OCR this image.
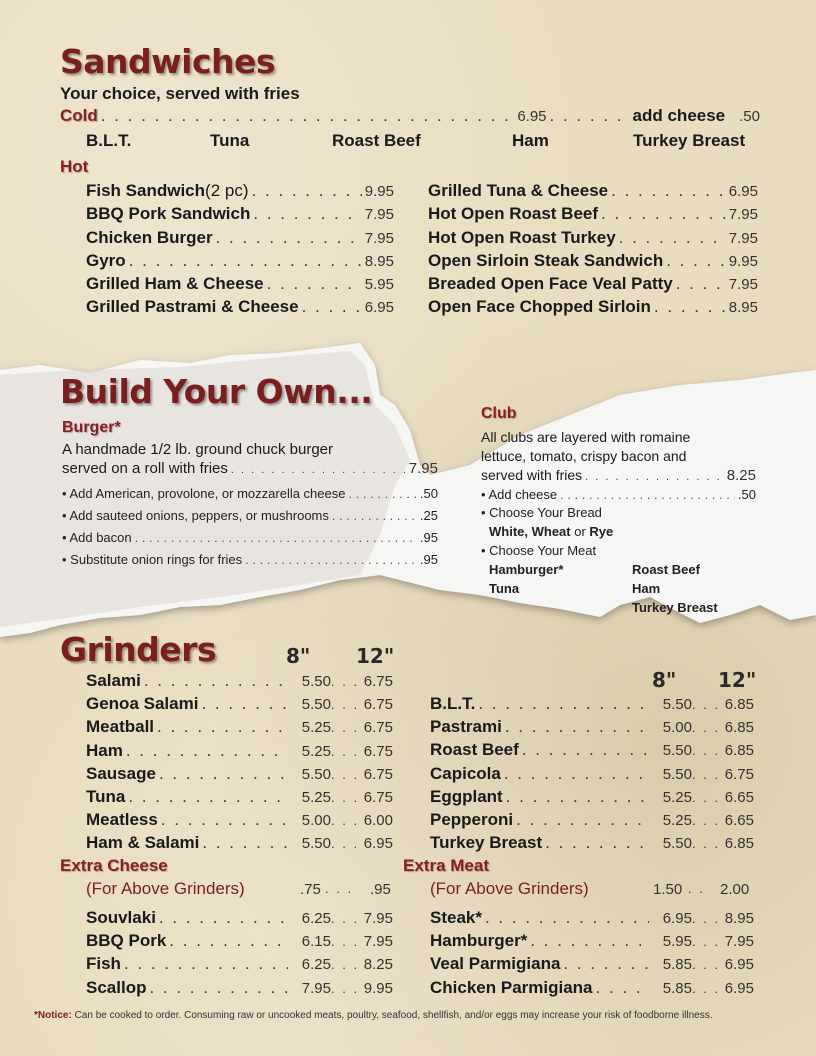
Sandwiches
Your choice, served with fries
Cold . . .	6.95 . . .	add cheese .50
B.L.T.	Tuna	Roast Beef	Ham	Turkey Breast
Hot
Fish Sandwich (2 pc) . . .	9.95
BBQ Pork Sandwich . . .	7.95
Chicken Burger . . .	7.95
Gyro . . .	8.95
Grilled Ham & Cheese . . .	5.95
Grilled Pastrami & Cheese . . .	6.95
Grilled Tuna & Cheese . . .	6.95
Hot Open Roast Beef . . .	7.95
Hot Open Roast Turkey . . .	7.95
Open Sirloin Steak Sandwich . . .	9.95
Breaded Open Face Veal Patty . . .	7.95
Open Face Chopped Sirloin . . .	8.95
Build Your Own...
Burger*
A handmade 1/2 lb. ground chuck burger
served on a roll with fries . . .	7.95
• Add American, provolone, or mozzarella cheese . . .	.50
• Add sauteed onions, peppers, or mushrooms . . .	.25
• Add bacon . . .	.95
• Substitute onion rings for fries . . .	.95
Club
All clubs are layered with romaine
lettuce, tomato, crispy bacon and
served with fries . . .	8.25
• Add cheese . . .	.50
• Choose Your Bread
White, Wheat or Rye
• Choose Your Meat
Hamburger*
Tuna
Roast Beef
Ham
Turkey Breast
Grinders	8" 12"
8" 12"
Salami . . .	5.50 . . . 6.75
Genoa Salami . . .	5.50 . . . 6.75
Meatball . . .	5.25 . . . 6.75
Ham . . .	5.25 . . . 6.75
Sausage . . .	5.50 . . . 6.75
Tuna . . .	5.25 . . . 6.75
Meatless . . .	5.00 . . . 6.00
Ham & Salami . . .	5.50 . . . 6.95
B.L.T. . . .	5.50 . . . 6.85
Pastrami . . .	5.00 . . . 6.85
Roast Beef . . .	5.50 . . . 6.85
Capicola . . .	5.50 . . . 6.75
Eggplant . . .	5.25 . . . 6.65
Pepperoni . . .	5.25 . . . 6.65
Turkey Breast . . .	5.50 . . . 6.85
Extra Cheese
(For Above Grinders)	.75 . . . .95
Extra Meat
(For Above Grinders)	1.50 . . 2.00
Souvlaki . . .	6.25 . . . 7.95
BBQ Pork . . .	6.15 . . . 7.95
Fish . . .	6.25 . . . 8.25
Scallop . . .	7.95 . . . 9.95
Steak* . . .	6.95 . . . 8.95
Hamburger* . . .	5.95 . . . 7.95
Veal Parmigiana . . .	5.85 . . . 6.95
Chicken Parmigiana . . .	5.85 . . . 6.95
*Notice: Can be cooked to order. Consuming raw or uncooked meats, poultry, seafood, shellfish, and/or eggs may increase your risk of foodborne illness.
